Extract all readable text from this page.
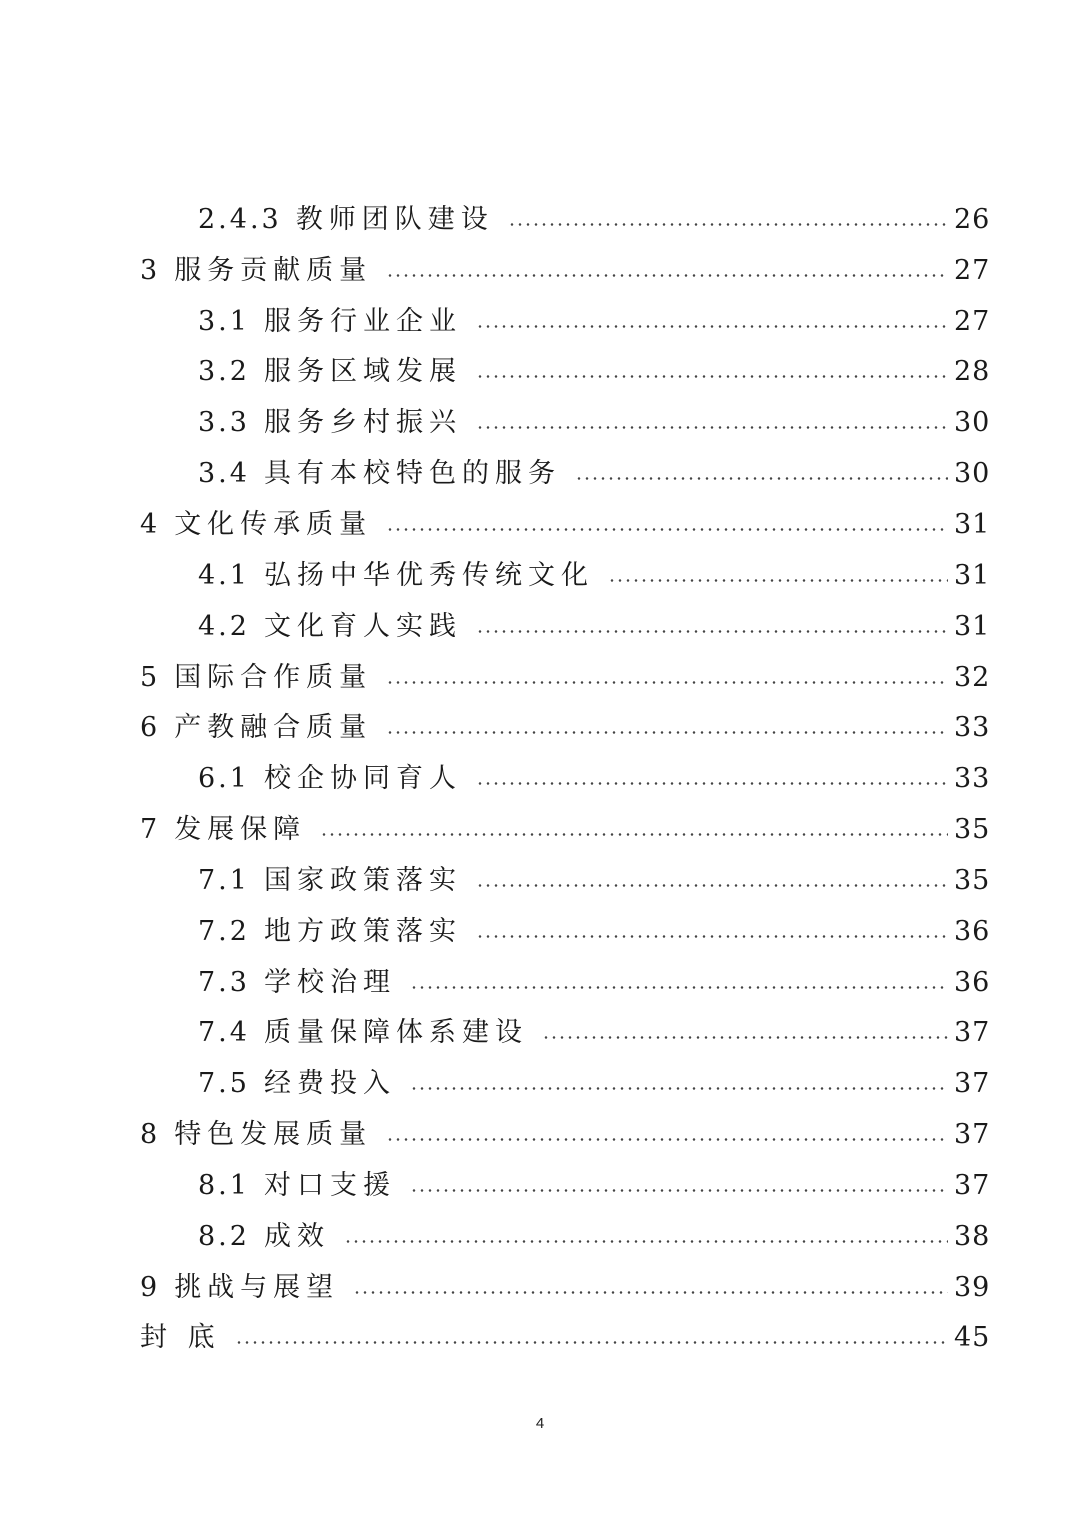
2.4.3 教师团队建设	26
3 服务贡献质量	27
3.1 服务行业企业	27
3.2 服务区域发展	28
3.3 服务乡村振兴	30
3.4 具有本校特色的服务	30
4 文化传承质量	31
4.1 弘扬中华优秀传统文化	31
4.2 文化育人实践	31
5 国际合作质量	32
6 产教融合质量	33
6.1 校企协同育人	33
7 发展保障	35
7.1 国家政策落实	35
7.2 地方政策落实	36
7.3 学校治理	36
7.4 质量保障体系建设	37
7.5 经费投入	37
8 特色发展质量	37
8.1 对口支援	37
8.2 成效	38
9 挑战与展望	39
封 底	45
4
